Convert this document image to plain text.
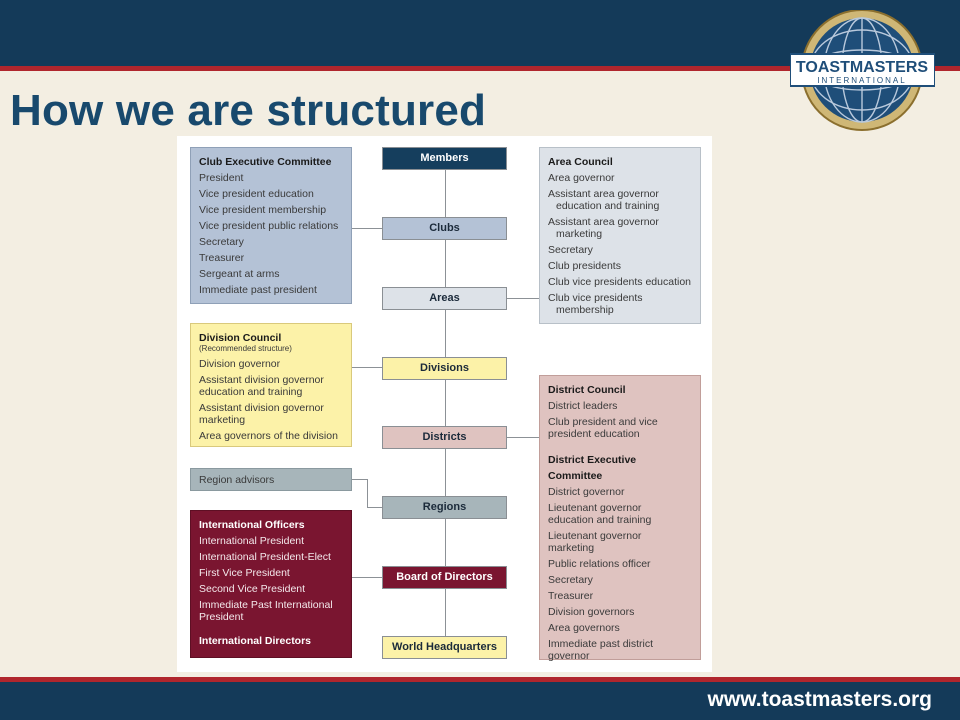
www.toastmasters.org
How we are structured
TOASTMASTERS
INTERNATIONAL
Members
Clubs
Areas
Divisions
Districts
Regions
Board of Directors
World Headquarters
Club Executive Committee
President
Vice president education
Vice president membership
Vice president public relations
Secretary
Treasurer
Sergeant at arms
Immediate past president
Area Council
Area governor
Assistant area governor
education and training
Assistant area governor
marketing
Secretary
Club presidents
Club vice presidents education
Club vice presidents
membership
Division Council
(Recommended structure)
Division governor
Assistant division governor
education and training
Assistant division governor
marketing
Area governors of the division
District Council
District leaders
Club president and vice
president education
District Executive Committee
District governor
Lieutenant governor
education and training
Lieutenant governor
marketing
Public relations officer
Secretary
Treasurer
Division governors
Area governors
Immediate past district
governor
Region advisors
International Officers
International President
International President-Elect
First Vice President
Second Vice President
Immediate Past International
President
International Directors
